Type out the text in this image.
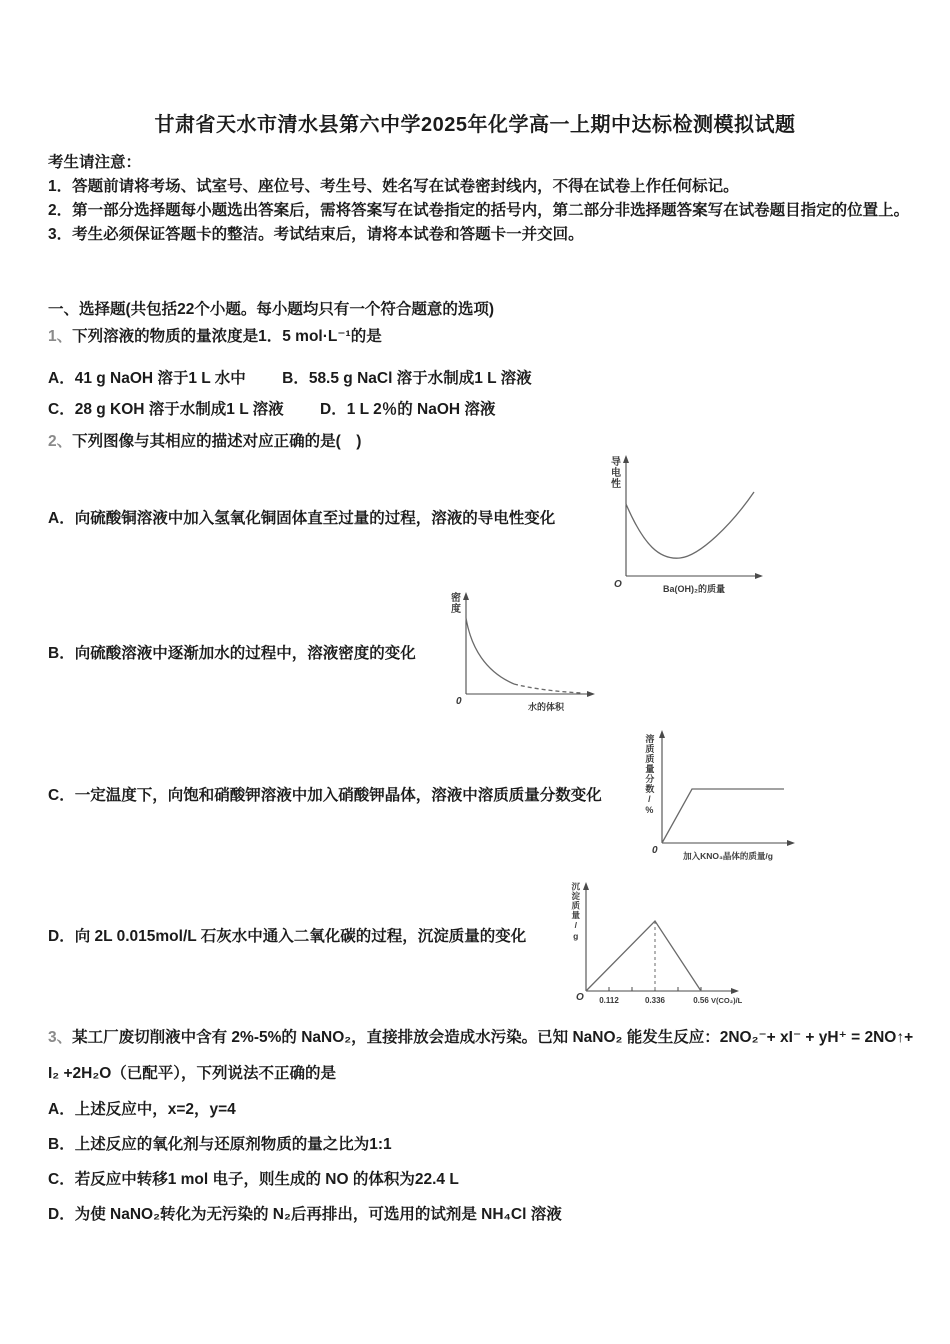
甘肃省天水市清水县第六中学2025年化学高一上期中达标检测模拟试题
考生请注意：
1．答题前请将考场、试室号、座位号、考生号、姓名写在试卷密封线内，不得在试卷上作任何标记。
2．第一部分选择题每小题选出答案后，需将答案写在试卷指定的括号内，第二部分非选择题答案写在试卷题目指定的位置上。
3．考生必须保证答题卡的整洁。考试结束后，请将本试卷和答题卡一并交回。
一、选择题(共包括22个小题。每小题均只有一个符合题意的选项)
1、下列溶液的物质的量浓度是1．5 mol·L⁻¹的是
A．41 g NaOH 溶于1 L 水中 B．58.5 g NaCl 溶于水制成1 L 溶液
C．28 g KOH 溶于水制成1 L 溶液 D．1 L 2％的 NaOH 溶液
2、下列图像与其相应的描述对应正确的是(　)
A．向硫酸铜溶液中加入氢氧化铜固体直至过量的过程，溶液的导电性变化
导电性
O	Ba(OH)₂的质量
B．向硫酸溶液中逐渐加水的过程中，溶液密度的变化
密度
0	水的体积
C．一定温度下，向饱和硝酸钾溶液中加入硝酸钾晶体，溶液中溶质质量分数变化	溶质质量分数/%
0	加入KNO₃晶体的质量/g
D．向 2L 0.015mol/L 石灰水中通入二氧化碳的过程，沉淀质量的变化	沉淀质量/g
O 0.112	0.336	0.56 V(CO₂)/L
3、某工厂废切削液中含有 2%-5%的 NaNO₂，直接排放会造成水污染。已知 NaNO₂ 能发生反应：2NO₂⁻+ xI⁻ + yH⁺ = 2NO↑+ I₂ +2H₂O（已配平），下列说法不正确的是
A．上述反应中，x=2，y=4
B．上述反应的氧化剂与还原剂物质的量之比为1:1
C．若反应中转移1 mol 电子，则生成的 NO 的体积为22.4 L
D．为使 NaNO₂转化为无污染的 N₂后再排出，可选用的试剂是 NH₄Cl 溶液
